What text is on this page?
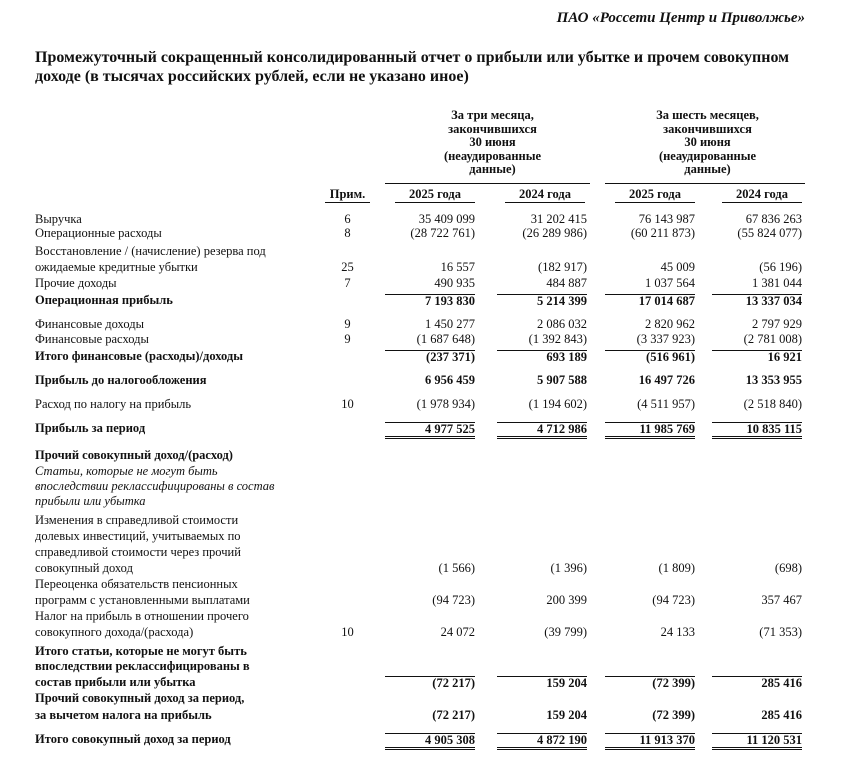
ПАО «Россети Центр и Приволжье»
Промежуточный сокращенный консолидированный отчет о прибыли или убытке и прочем совокупном доходе (в тысячах российских рублей, если не указано иное)
За три месяца,
закончившихся
30 июня
(неаудированные
данные)
За шесть месяцев,
закончившихся
30 июня
(неаудированные
данные)
Прим.	2025 года	2024 года	2025 года	2024 года
Выручка	6	35 409 099	31 202 415	76 143 987	67 836 263
Операционные расходы	8	(28 722 761)	(26 289 986)	(60 211 873)	(55 824 077)
Восстановление / (начисление) резерва под
ожидаемые кредитные убытки	25	16 557	(182 917)	45 009	(56 196)
Прочие доходы	7	490 935	484 887	1 037 564	1 381 044
Операционная прибыль	7 193 830	5 214 399	17 014 687	13 337 034
Финансовые доходы	9	1 450 277	2 086 032	2 820 962	2 797 929
Финансовые расходы	9	(1 687 648)	(1 392 843)	(3 337 923)	(2 781 008)
Итого финансовые (расходы)/доходы	(237 371)	693 189	(516 961)	16 921
Прибыль до налогообложения	6 956 459	5 907 588	16 497 726	13 353 955
Расход по налогу на прибыль	10	(1 978 934)	(1 194 602)	(4 511 957)	(2 518 840)
Прибыль за период	4 977 525	4 712 986	11 985 769	10 835 115
Прочий совокупный доход/(расход)
Статьи, которые не могут быть
впоследствии реклассифицированы в состав
прибыли или убытка
Изменения в справедливой стоимости
долевых инвестиций, учитываемых по
справедливой стоимости через прочий
совокупный доход	(1 566)	(1 396)	(1 809)	(698)
Переоценка обязательств пенсионных
программ с установленными выплатами	(94 723)	200 399	(94 723)	357 467
Налог на прибыль в отношении прочего
совокупного дохода/(расхода)	10	24 072	(39 799)	24 133	(71 353)
Итого статьи, которые не могут быть
впоследствии реклассифицированы в
состав прибыли или убытка	(72 217)	159 204	(72 399)	285 416
Прочий совокупный доход за период,
за вычетом налога на прибыль	(72 217)	159 204	(72 399)	285 416
Итого совокупный доход за период	4 905 308	4 872 190	11 913 370	11 120 531
